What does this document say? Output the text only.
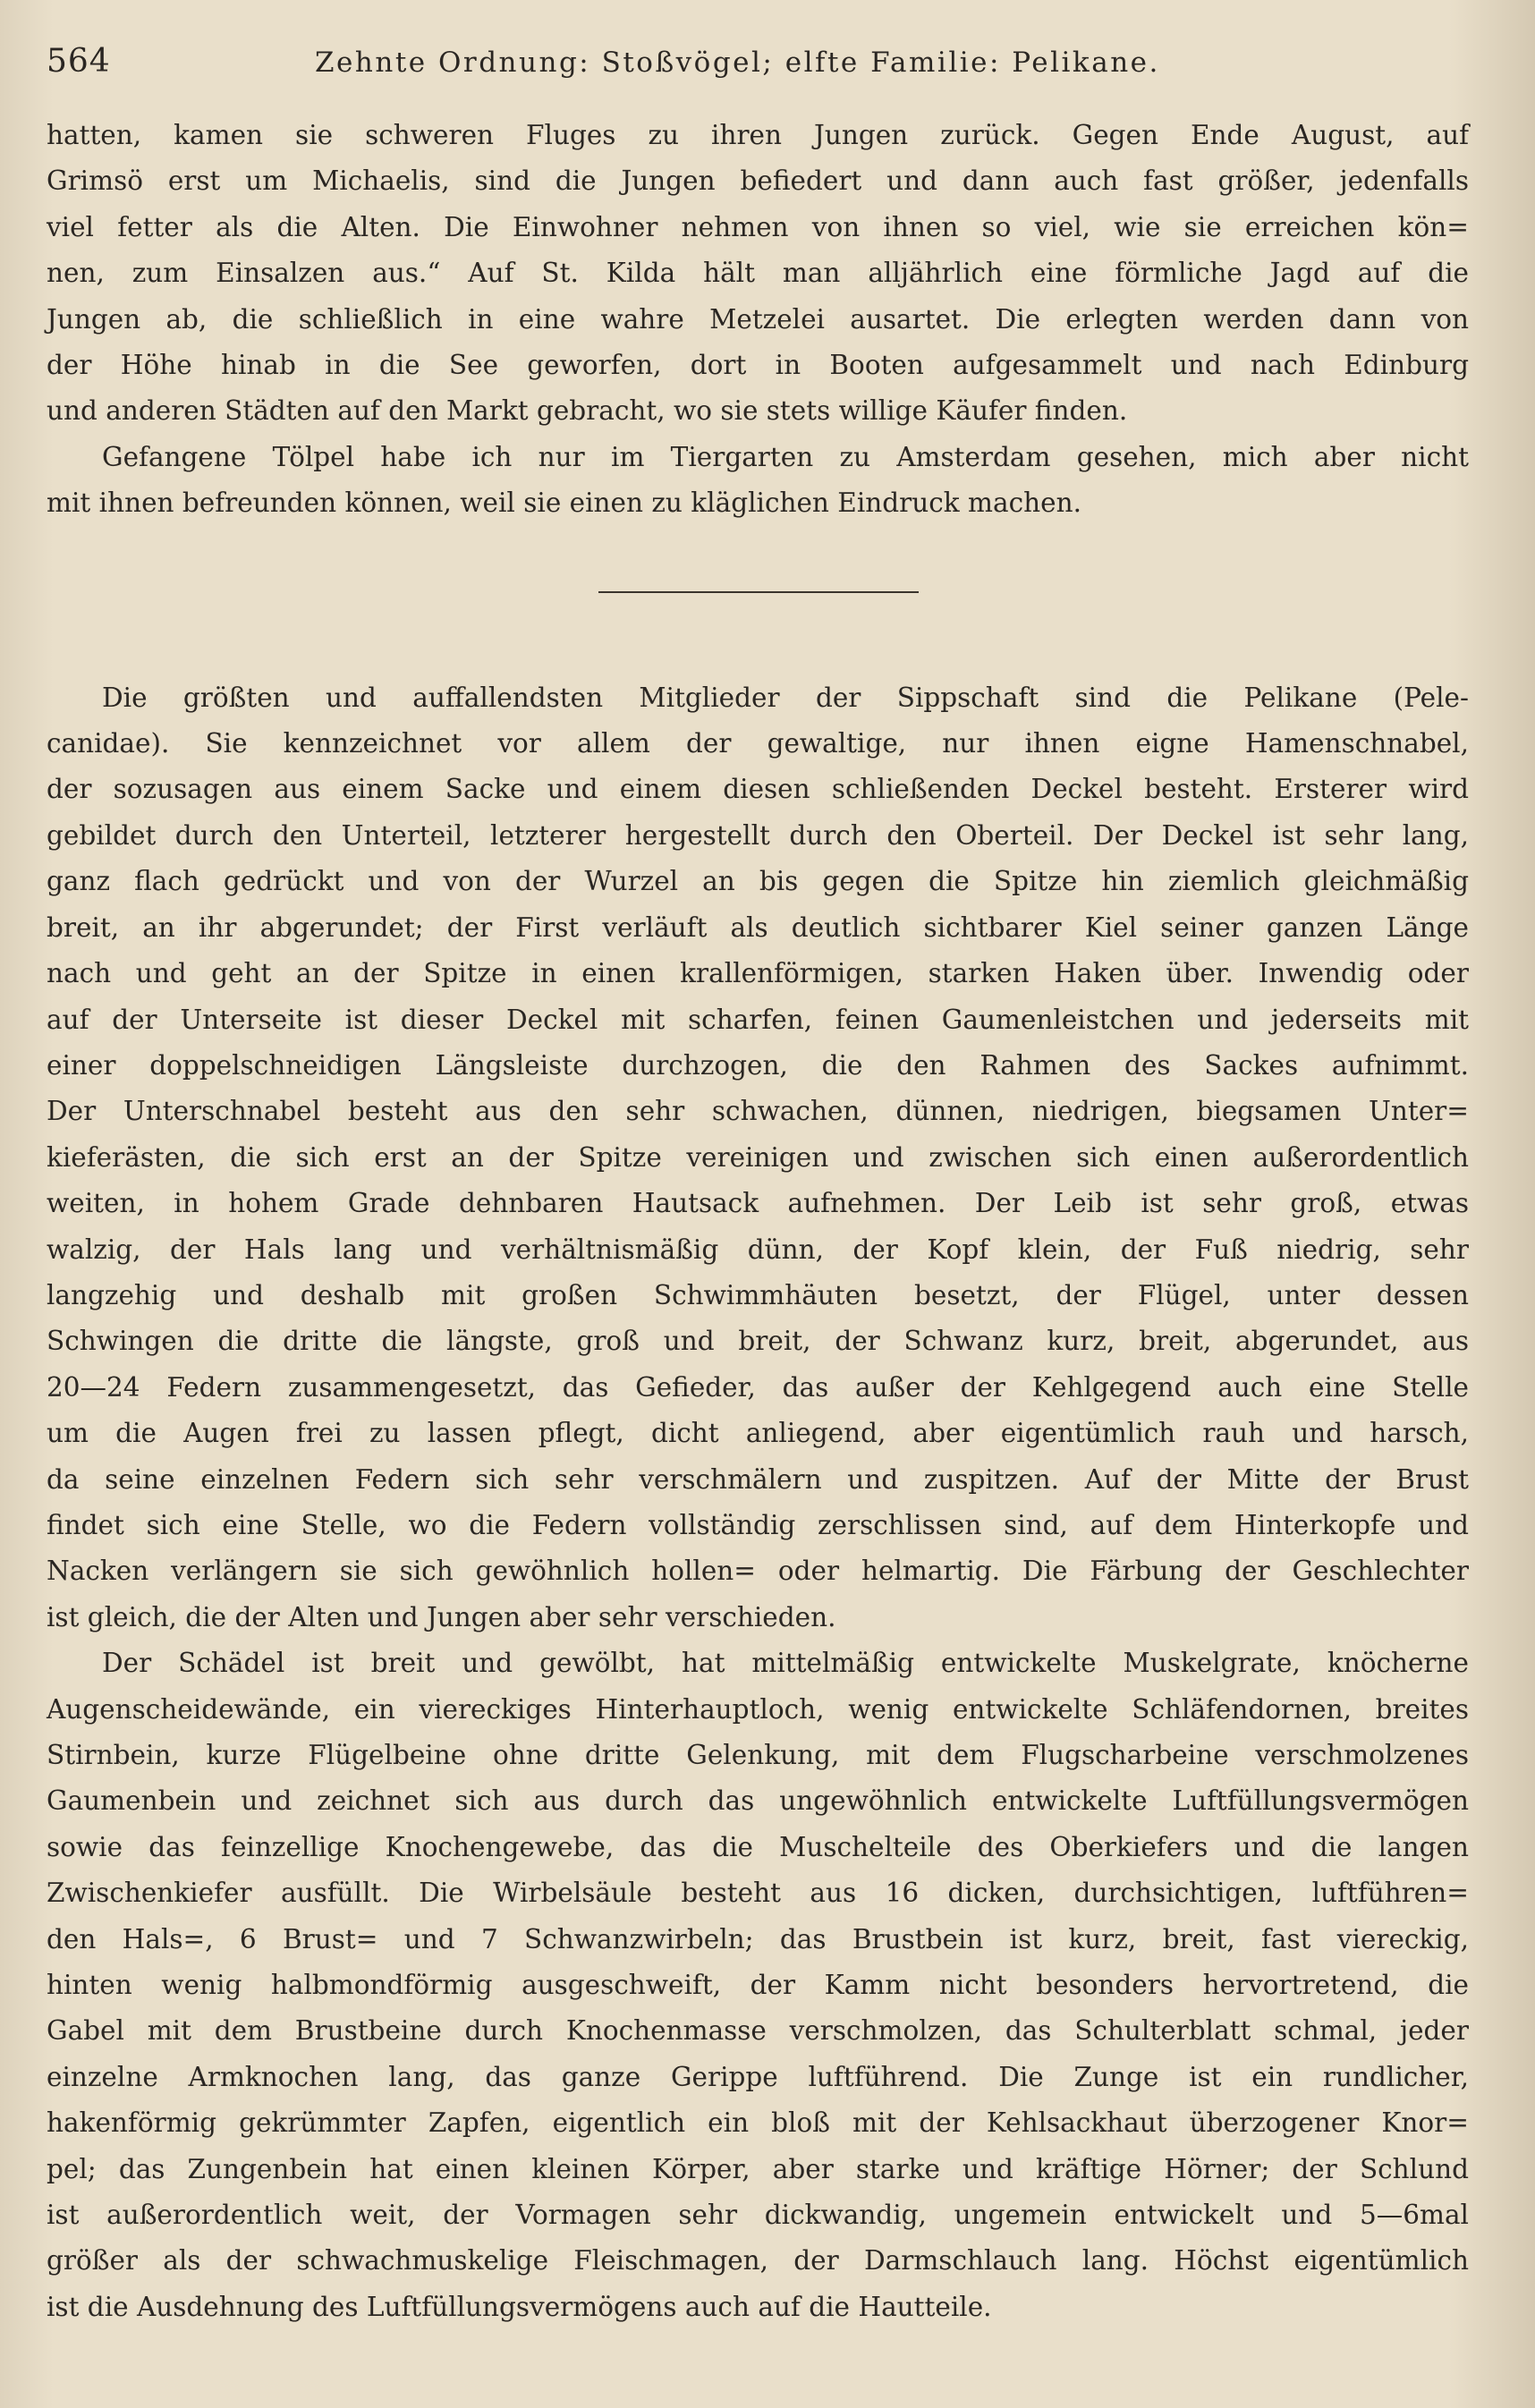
564	Zehnte Ordnung: Stoßvögel; elfte Familie: Pelikane.

hatten, kamen sie schweren Fluges zu ihren Jungen zurück. Gegen Ende August, auf
Grimsö erst um Michaelis, sind die Jungen befiedert und dann auch fast größer, jedenfalls
viel fetter als die Alten. Die Einwohner nehmen von ihnen so viel, wie sie erreichen kön=
nen, zum Einsalzen aus.“ Auf St. Kilda hält man alljährlich eine förmliche Jagd auf die
Jungen ab, die schließlich in eine wahre Metzelei ausartet. Die erlegten werden dann von
der Höhe hinab in die See geworfen, dort in Booten aufgesammelt und nach Edinburg
und anderen Städten auf den Markt gebracht, wo sie stets willige Käufer finden.

Gefangene Tölpel habe ich nur im Tiergarten zu Amsterdam gesehen, mich aber nicht
mit ihnen befreunden können, weil sie einen zu kläglichen Eindruck machen.

Die größten und auffallendsten Mitglieder der Sippschaft sind die Pelikane (Pele-
canidae). Sie kennzeichnet vor allem der gewaltige, nur ihnen eigne Hamenschnabel,
der sozusagen aus einem Sacke und einem diesen schließenden Deckel besteht. Ersterer wird
gebildet durch den Unterteil, letzterer hergestellt durch den Oberteil. Der Deckel ist sehr lang,
ganz flach gedrückt und von der Wurzel an bis gegen die Spitze hin ziemlich gleichmäßig
breit, an ihr abgerundet; der First verläuft als deutlich sichtbarer Kiel seiner ganzen Länge
nach und geht an der Spitze in einen krallenförmigen, starken Haken über. Inwendig oder
auf der Unterseite ist dieser Deckel mit scharfen, feinen Gaumenleistchen und jederseits mit
einer doppelschneidigen Längsleiste durchzogen, die den Rahmen des Sackes aufnimmt.
Der Unterschnabel besteht aus den sehr schwachen, dünnen, niedrigen, biegsamen Unter=
kieferästen, die sich erst an der Spitze vereinigen und zwischen sich einen außerordentlich
weiten, in hohem Grade dehnbaren Hautsack aufnehmen. Der Leib ist sehr groß, etwas
walzig, der Hals lang und verhältnismäßig dünn, der Kopf klein, der Fuß niedrig, sehr
langzehig und deshalb mit großen Schwimmhäuten besetzt, der Flügel, unter dessen
Schwingen die dritte die längste, groß und breit, der Schwanz kurz, breit, abgerundet, aus
20—24 Federn zusammengesetzt, das Gefieder, das außer der Kehlgegend auch eine Stelle
um die Augen frei zu lassen pflegt, dicht anliegend, aber eigentümlich rauh und harsch,
da seine einzelnen Federn sich sehr verschmälern und zuspitzen. Auf der Mitte der Brust
findet sich eine Stelle, wo die Federn vollständig zerschlissen sind, auf dem Hinterkopfe und
Nacken verlängern sie sich gewöhnlich hollen= oder helmartig. Die Färbung der Geschlechter
ist gleich, die der Alten und Jungen aber sehr verschieden.

Der Schädel ist breit und gewölbt, hat mittelmäßig entwickelte Muskelgrate, knöcherne
Augenscheidewände, ein viereckiges Hinterhauptloch, wenig entwickelte Schläfendornen, breites
Stirnbein, kurze Flügelbeine ohne dritte Gelenkung, mit dem Flugscharbeine verschmolzenes
Gaumenbein und zeichnet sich aus durch das ungewöhnlich entwickelte Luftfüllungsvermögen
sowie das feinzellige Knochengewebe, das die Muschelteile des Oberkiefers und die langen
Zwischenkiefer ausfüllt. Die Wirbelsäule besteht aus 16 dicken, durchsichtigen, luftführen=
den Hals=, 6 Brust= und 7 Schwanzwirbeln; das Brustbein ist kurz, breit, fast viereckig,
hinten wenig halbmondförmig ausgeschweift, der Kamm nicht besonders hervortretend, die
Gabel mit dem Brustbeine durch Knochenmasse verschmolzen, das Schulterblatt schmal, jeder
einzelne Armknochen lang, das ganze Gerippe luftführend. Die Zunge ist ein rundlicher,
hakenförmig gekrümmter Zapfen, eigentlich ein bloß mit der Kehlsackhaut überzogener Knor=
pel; das Zungenbein hat einen kleinen Körper, aber starke und kräftige Hörner; der Schlund
ist außerordentlich weit, der Vormagen sehr dickwandig, ungemein entwickelt und 5—6mal
größer als der schwachmuskelige Fleischmagen, der Darmschlauch lang. Höchst eigentümlich
ist die Ausdehnung des Luftfüllungsvermögens auch auf die Hautteile.
